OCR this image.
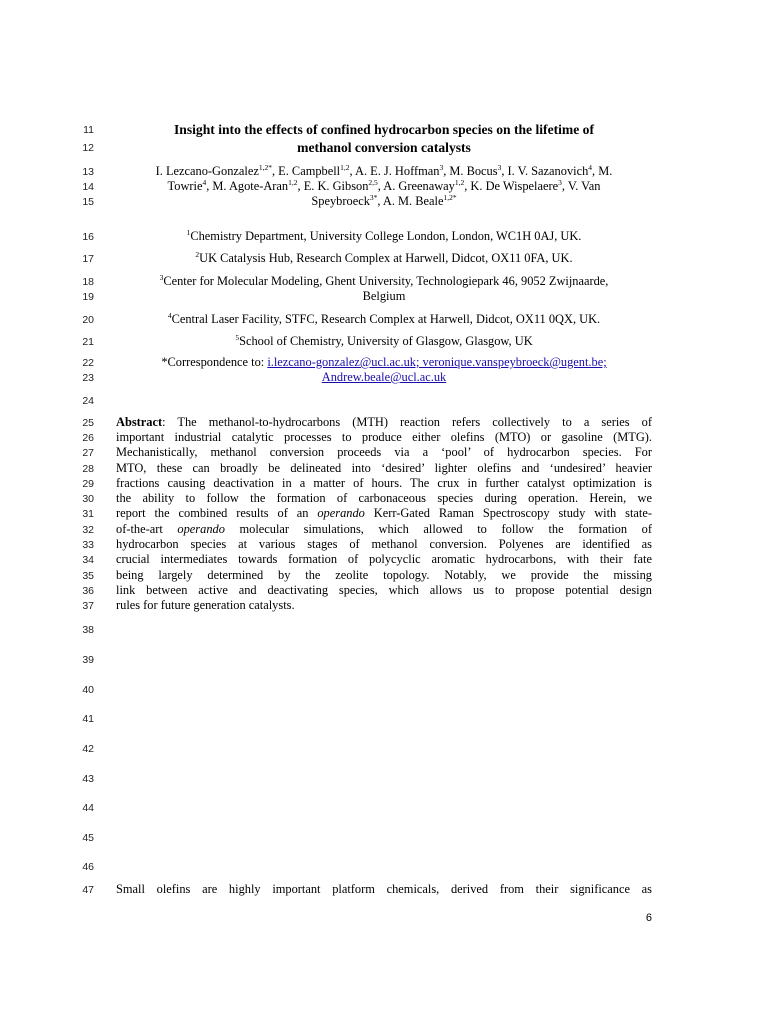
11
12
13
14
15
16
17
18
19
20
21
22
23
24
25
26
27
28
29
30
31
32
33
34
35
36
37
38
39
40
41
42
43
44
45
46
47
Insight into the effects of confined hydrocarbon species on the lifetime of
methanol conversion catalysts
I. Lezcano-Gonzalez$^{1,2*}$, E. Campbell$^{1,2}$, A. E. J. Hoffman$^3$, M. Bocus$^3$, I. V. Sazanovich$^4$, M.
Towrie$^4$, M. Agote-Aran$^{1,2}$, E. K. Gibson$^{2,5}$, A. Greenaway$^{1,2}$, K. De Wispelaere$^3$, V. Van
Speybroeck$^{3*}$, A. M. Beale$^{1,2*}$
$^1$Chemistry Department, University College London, London, WC1H 0AJ, UK.
$^2$UK Catalysis Hub, Research Complex at Harwell, Didcot, OX11 0FA, UK.
$^3$Center for Molecular Modeling, Ghent University, Technologiepark 46, 9052 Zwijnaarde,
Belgium
$^4$Central Laser Facility, STFC, Research Complex at Harwell, Didcot, OX11 0QX, UK.
$^5$School of Chemistry, University of Glasgow, Glasgow, UK
*Correspondence to: i.lezcano-gonzalez@ucl.ac.uk; veronique.vanspeybroeck@ugent.be;
Andrew.beale@ucl.ac.uk
Abstract: The methanol-to-hydrocarbons (MTH) reaction refers collectively to a series of
important industrial catalytic processes to produce either olefins (MTO) or gasoline (MTG).
Mechanistically, methanol conversion proceeds via a ‘pool’ of hydrocarbon species. For
MTO, these can broadly be delineated into ‘desired’ lighter olefins and ‘undesired’ heavier
fractions causing deactivation in a matter of hours. The crux in further catalyst optimization is
the ability to follow the formation of carbonaceous species during operation. Herein, we
report the combined results of an operando Kerr-Gated Raman Spectroscopy study with state-
of-the-art operando molecular simulations, which allowed to follow the formation of
hydrocarbon species at various stages of methanol conversion. Polyenes are identified as
crucial intermediates towards formation of polycyclic aromatic hydrocarbons, with their fate
being largely determined by the zeolite topology. Notably, we provide the missing
link between active and deactivating species, which allows us to propose potential design
rules for future generation catalysts.
Small olefins are highly important platform chemicals, derived from their significance as
6
